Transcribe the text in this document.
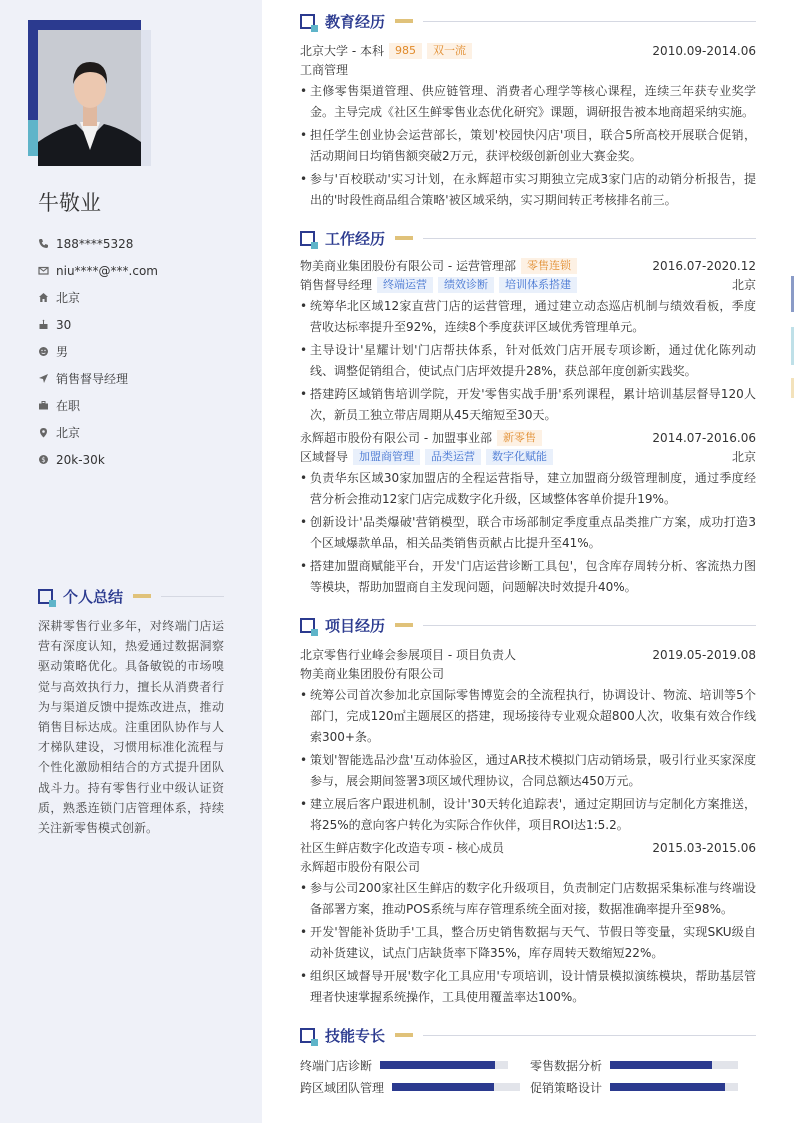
牛敬业
188****5328
niu****@***.com
北京
30
男
销售督导经理
在职
北京
$ 20k-30k
个人总结
深耕零售行业多年，对终端门店运营有深度认知，热爱通过数据洞察驱动策略优化。具备敏锐的市场嗅觉与高效执行力，擅长从消费者行为与渠道反馈中提炼改进点，推动销售目标达成。注重团队协作与人才梯队建设，习惯用标准化流程与个性化激励相结合的方式提升团队战斗力。持有零售行业中级认证资质，熟悉连锁门店管理体系，持续关注新零售模式创新。
教育经历
北京大学 - 本科	985	双一流	2010.09-2014.06
工商管理
• 主修零售渠道管理、供应链管理、消费者心理学等核心课程，连续三年获专业奖学金。主导完成《社区生鲜零售业态优化研究》课题，调研报告被本地商超采纳实施。
• 担任学生创业协会运营部长，策划'校园快闪店'项目，联合5所高校开展联合促销，活动期间日均销售额突破2万元，获评校级创新创业大赛金奖。
• 参与'百校联动'实习计划，在永辉超市实习期独立完成3家门店的动销分析报告，提出的'时段性商品组合策略'被区域采纳，实习期间转正考核排名前三。
工作经历
物美商业集团股份有限公司 - 运营管理部	零售连锁	2016.07-2020.12
销售督导经理	终端运营	绩效诊断	培训体系搭建	北京
• 统筹华北区域12家直营门店的运营管理，通过建立动态巡店机制与绩效看板，季度营收达标率提升至92%，连续8个季度获评区域优秀管理单元。
• 主导设计'星耀计划'门店帮扶体系，针对低效门店开展专项诊断，通过优化陈列动线、调整促销组合，使试点门店坪效提升28%，获总部年度创新实践奖。
• 搭建跨区域销售培训学院，开发'零售实战手册'系列课程，累计培训基层督导120人次，新员工独立带店周期从45天缩短至30天。
永辉超市股份有限公司 - 加盟事业部	新零售	2014.07-2016.06
区域督导	加盟商管理	品类运营	数字化赋能	北京
• 负责华东区域30家加盟店的全程运营指导，建立加盟商分级管理制度，通过季度经营分析会推动12家门店完成数字化升级，区域整体客单价提升19%。
• 创新设计'品类爆破'营销模型，联合市场部制定季度重点品类推广方案，成功打造3个区域爆款单品，相关品类销售贡献占比提升至41%。
• 搭建加盟商赋能平台，开发'门店运营诊断工具包'，包含库存周转分析、客流热力图等模块，帮助加盟商自主发现问题，问题解决时效提升40%。
项目经历
北京零售行业峰会参展项目 - 项目负责人	2019.05-2019.08
物美商业集团股份有限公司
• 统筹公司首次参加北京国际零售博览会的全流程执行，协调设计、物流、培训等5个部门，完成120㎡主题展区的搭建，现场接待专业观众超800人次，收集有效合作线索300+条。
• 策划'智能选品沙盘'互动体验区，通过AR技术模拟门店动销场景，吸引行业买家深度参与，展会期间签署3项区域代理协议，合同总额达450万元。
• 建立展后客户跟进机制，设计'30天转化追踪表'，通过定期回访与定制化方案推送，将25%的意向客户转化为实际合作伙伴，项目ROI达1:5.2。
社区生鲜店数字化改造专项 - 核心成员	2015.03-2015.06
永辉超市股份有限公司
• 参与公司200家社区生鲜店的数字化升级项目，负责制定门店数据采集标准与终端设备部署方案，推动POS系统与库存管理系统全面对接，数据准确率提升至98%。
• 开发'智能补货助手'工具，整合历史销售数据与天气、节假日等变量，实现SKU级自动补货建议，试点门店缺货率下降35%，库存周转天数缩短22%。
• 组织区域督导开展'数字化工具应用'专项培训，设计情景模拟演练模块，帮助基层管理者快速掌握系统操作，工具使用覆盖率达100%。
技能专长
终端门店诊断	零售数据分析
跨区域团队管理	促销策略设计
